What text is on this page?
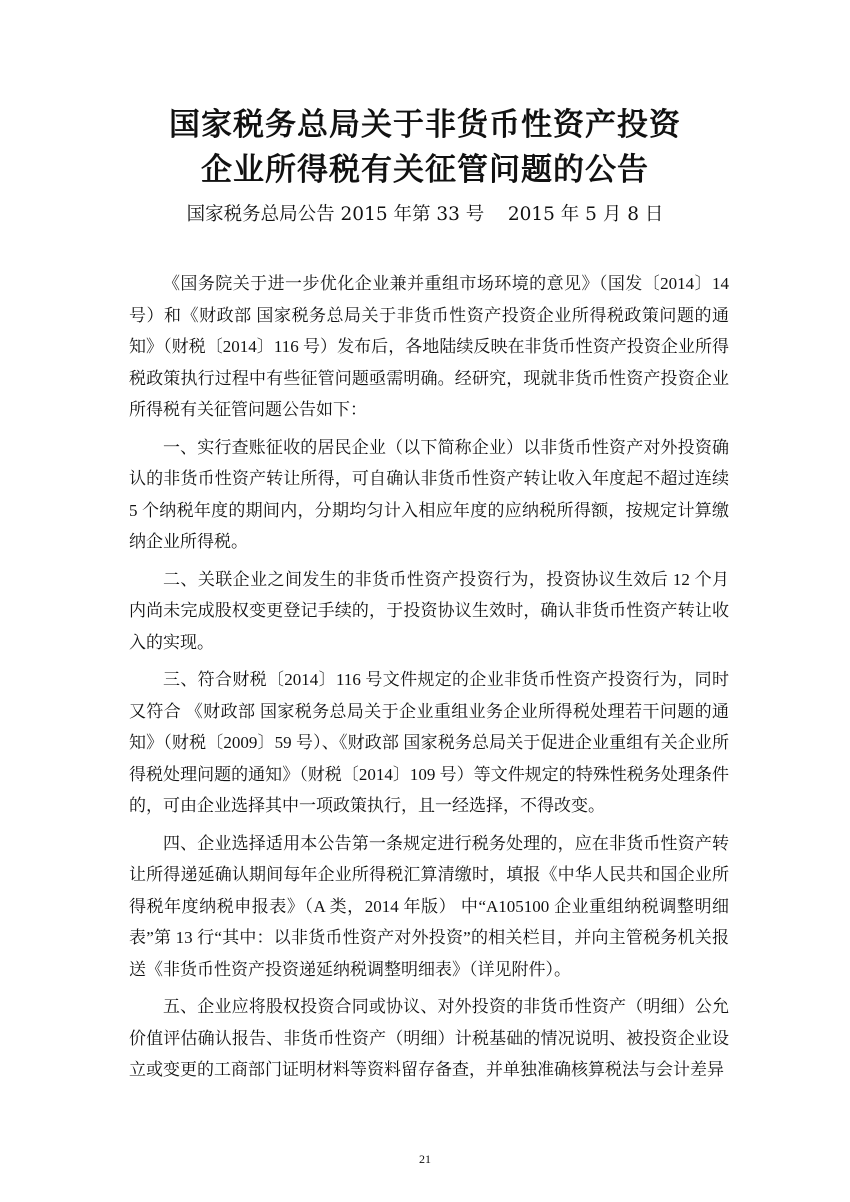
国家税务总局关于非货币性资产投资
企业所得税有关征管问题的公告
国家税务总局公告 2015 年第 33 号 2015 年 5 月 8 日

《国务院关于进一步优化企业兼并重组市场环境的意见》（国发〔2014〕14 号）和《财政部 国家税务总局关于非货币性资产投资企业所得税政策问题的通知》（财税〔2014〕116 号）发布后，各地陆续反映在非货币性资产投资企业所得税政策执行过程中有些征管问题亟需明确。经研究，现就非货币性资产投资企业所得税有关征管问题公告如下：

一、实行查账征收的居民企业（以下简称企业）以非货币性资产对外投资确认的非货币性资产转让所得，可自确认非货币性资产转让收入年度起不超过连续 5 个纳税年度的期间内，分期均匀计入相应年度的应纳税所得额，按规定计算缴纳企业所得税。

二、关联企业之间发生的非货币性资产投资行为，投资协议生效后 12 个月内尚未完成股权变更登记手续的，于投资协议生效时，确认非货币性资产转让收入的实现。

三、符合财税〔2014〕116 号文件规定的企业非货币性资产投资行为，同时又符合 《财政部 国家税务总局关于企业重组业务企业所得税处理若干问题的通知》（财税〔2009〕59 号）、《财政部 国家税务总局关于促进企业重组有关企业所得税处理问题的通知》（财税〔2014〕109 号）等文件规定的特殊性税务处理条件的，可由企业选择其中一项政策执行，且一经选择，不得改变。

四、企业选择适用本公告第一条规定进行税务处理的，应在非货币性资产转让所得递延确认期间每年企业所得税汇算清缴时，填报《中华人民共和国企业所得税年度纳税申报表》（A 类，2014 年版） 中“A105100 企业重组纳税调整明细表”第 13 行“其中：以非货币性资产对外投资”的相关栏目，并向主管税务机关报送《非货币性资产投资递延纳税调整明细表》（详见附件）。

五、企业应将股权投资合同或协议、对外投资的非货币性资产（明细）公允价值评估确认报告、非货币性资产（明细）计税基础的情况说明、被投资企业设立或变更的工商部门证明材料等资料留存备查，并单独准确核算税法与会计差异

21
